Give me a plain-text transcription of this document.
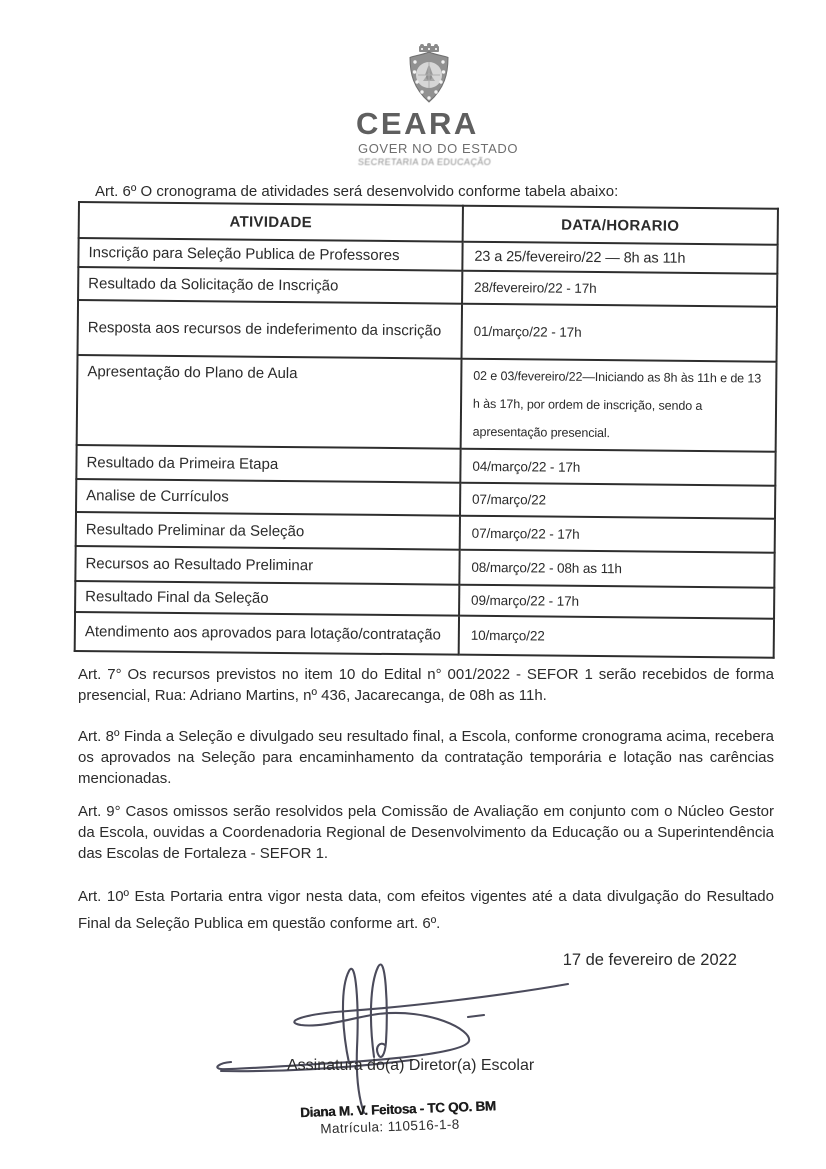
CEARA
GOVER NO DO ESTADO
SECRETARIA DA EDUCAÇÃO

Art. 6º O cronograma de atividades será desenvolvido conforme tabela abaixo:

ATIVIDADE	DATA/HORARIO
Inscrição para Seleção Publica de Professores	23 a 25/fevereiro/22 — 8h as 11h
Resultado da Solicitação de Inscrição	28/fevereiro/22 - 17h
Resposta aos recursos de indeferimento da inscrição	01/março/22 - 17h
Apresentação do Plano de Aula	02 e 03/fevereiro/22—Iniciando as 8h às 11h e de 13 h às 17h, por ordem de inscrição, sendo a apresentação presencial.
Resultado da Primeira Etapa	04/março/22 - 17h
Analise de Currículos	07/março/22
Resultado Preliminar da Seleção	07/março/22 - 17h
Recursos ao Resultado Preliminar	08/março/22 - 08h as 11h
Resultado Final da Seleção	09/março/22 - 17h
Atendimento aos aprovados para lotação/contratação	10/março/22

Art. 7° Os recursos previstos no item 10 do Edital n° 001/2022 - SEFOR 1 serão recebidos de forma presencial, Rua: Adriano Martins, nº 436, Jacarecanga, de 08h as 11h.

Art. 8º Finda a Seleção e divulgado seu resultado final, a Escola, conforme cronograma acima, recebera os aprovados na Seleção para encaminhamento da contratação temporária e lotação nas carências mencionadas.

Art. 9° Casos omissos serão resolvidos pela Comissão de Avaliação em conjunto com o Núcleo Gestor da Escola, ouvidas a Coordenadoria Regional de Desenvolvimento da Educação ou a Superintendência das Escolas de Fortaleza - SEFOR 1.

Art. 10º Esta Portaria entra vigor nesta data, com efeitos vigentes até a data divulgação do Resultado Final da Seleção Publica em questão conforme art. 6º.

17 de fevereiro de 2022
Assinatura do(a) Diretor(a) Escolar
Diana M. V. Feitosa - TC QO. BM
Matrícula: 110516-1-8
